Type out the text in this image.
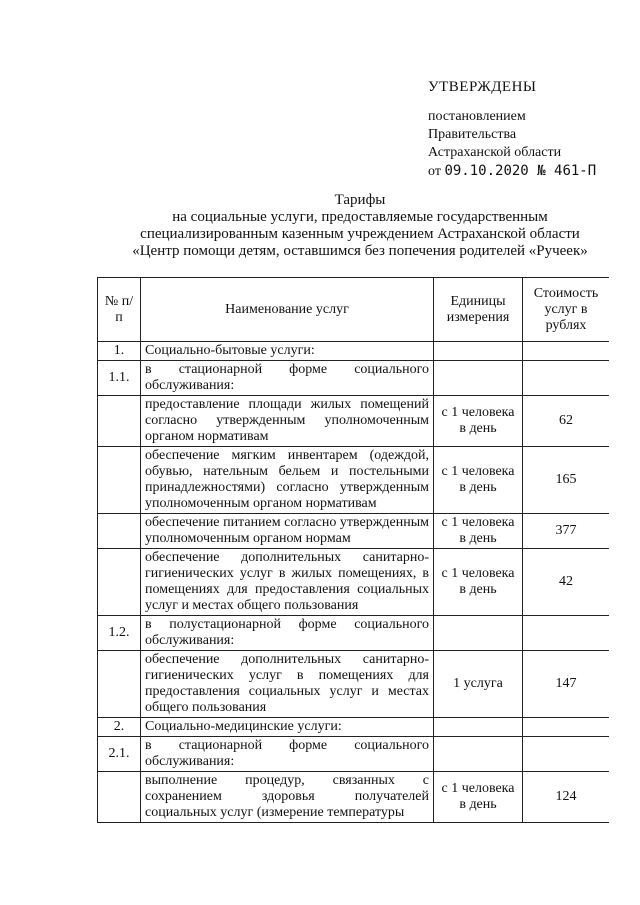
УТВЕРЖДЕНЫ
постановлением
Правительства
Астраханской области
от 09.10.2020 № 461-П
Тарифы
на социальные услуги, предоставляемые государственным
специализированным казенным учреждением Астраханской области
«Центр помощи детям, оставшимся без попечения родителей «Ручеек»
№ п/п	Наименование услуг	Единицы измерения	Стоимость услуг в рублях
1.	Социально-бытовые услуги:		
1.1.	в стационарной форме социального обслуживания:		
	предоставление площади жилых помещений согласно утвержденным уполномоченным органом нормативам	с 1 человека в день	62
	обеспечение мягким инвентарем (одеждой, обувью, нательным бельем и постельными принадлежностями) согласно утвержденным уполномоченным органом нормативам	с 1 человека в день	165
	обеспечение питанием согласно утвержденным уполномоченным органом нормам	с 1 человека в день	377
	обеспечение дополнительных санитарно-гигиенических услуг в жилых помещениях, в помещениях для предоставления социальных услуг и местах общего пользования	с 1 человека в день	42
1.2.	в полустационарной форме социального обслуживания:		
	обеспечение дополнительных санитарно-гигиенических услуг в помещениях для предоставления социальных услуг и местах общего пользования	1 услуга	147
2.	Социально-медицинские услуги:		
2.1.	в стационарной форме социального обслуживания:		
	выполнение процедур, связанных с сохранением здоровья получателей социальных услуг (измерение температуры	с 1 человека в день	124
